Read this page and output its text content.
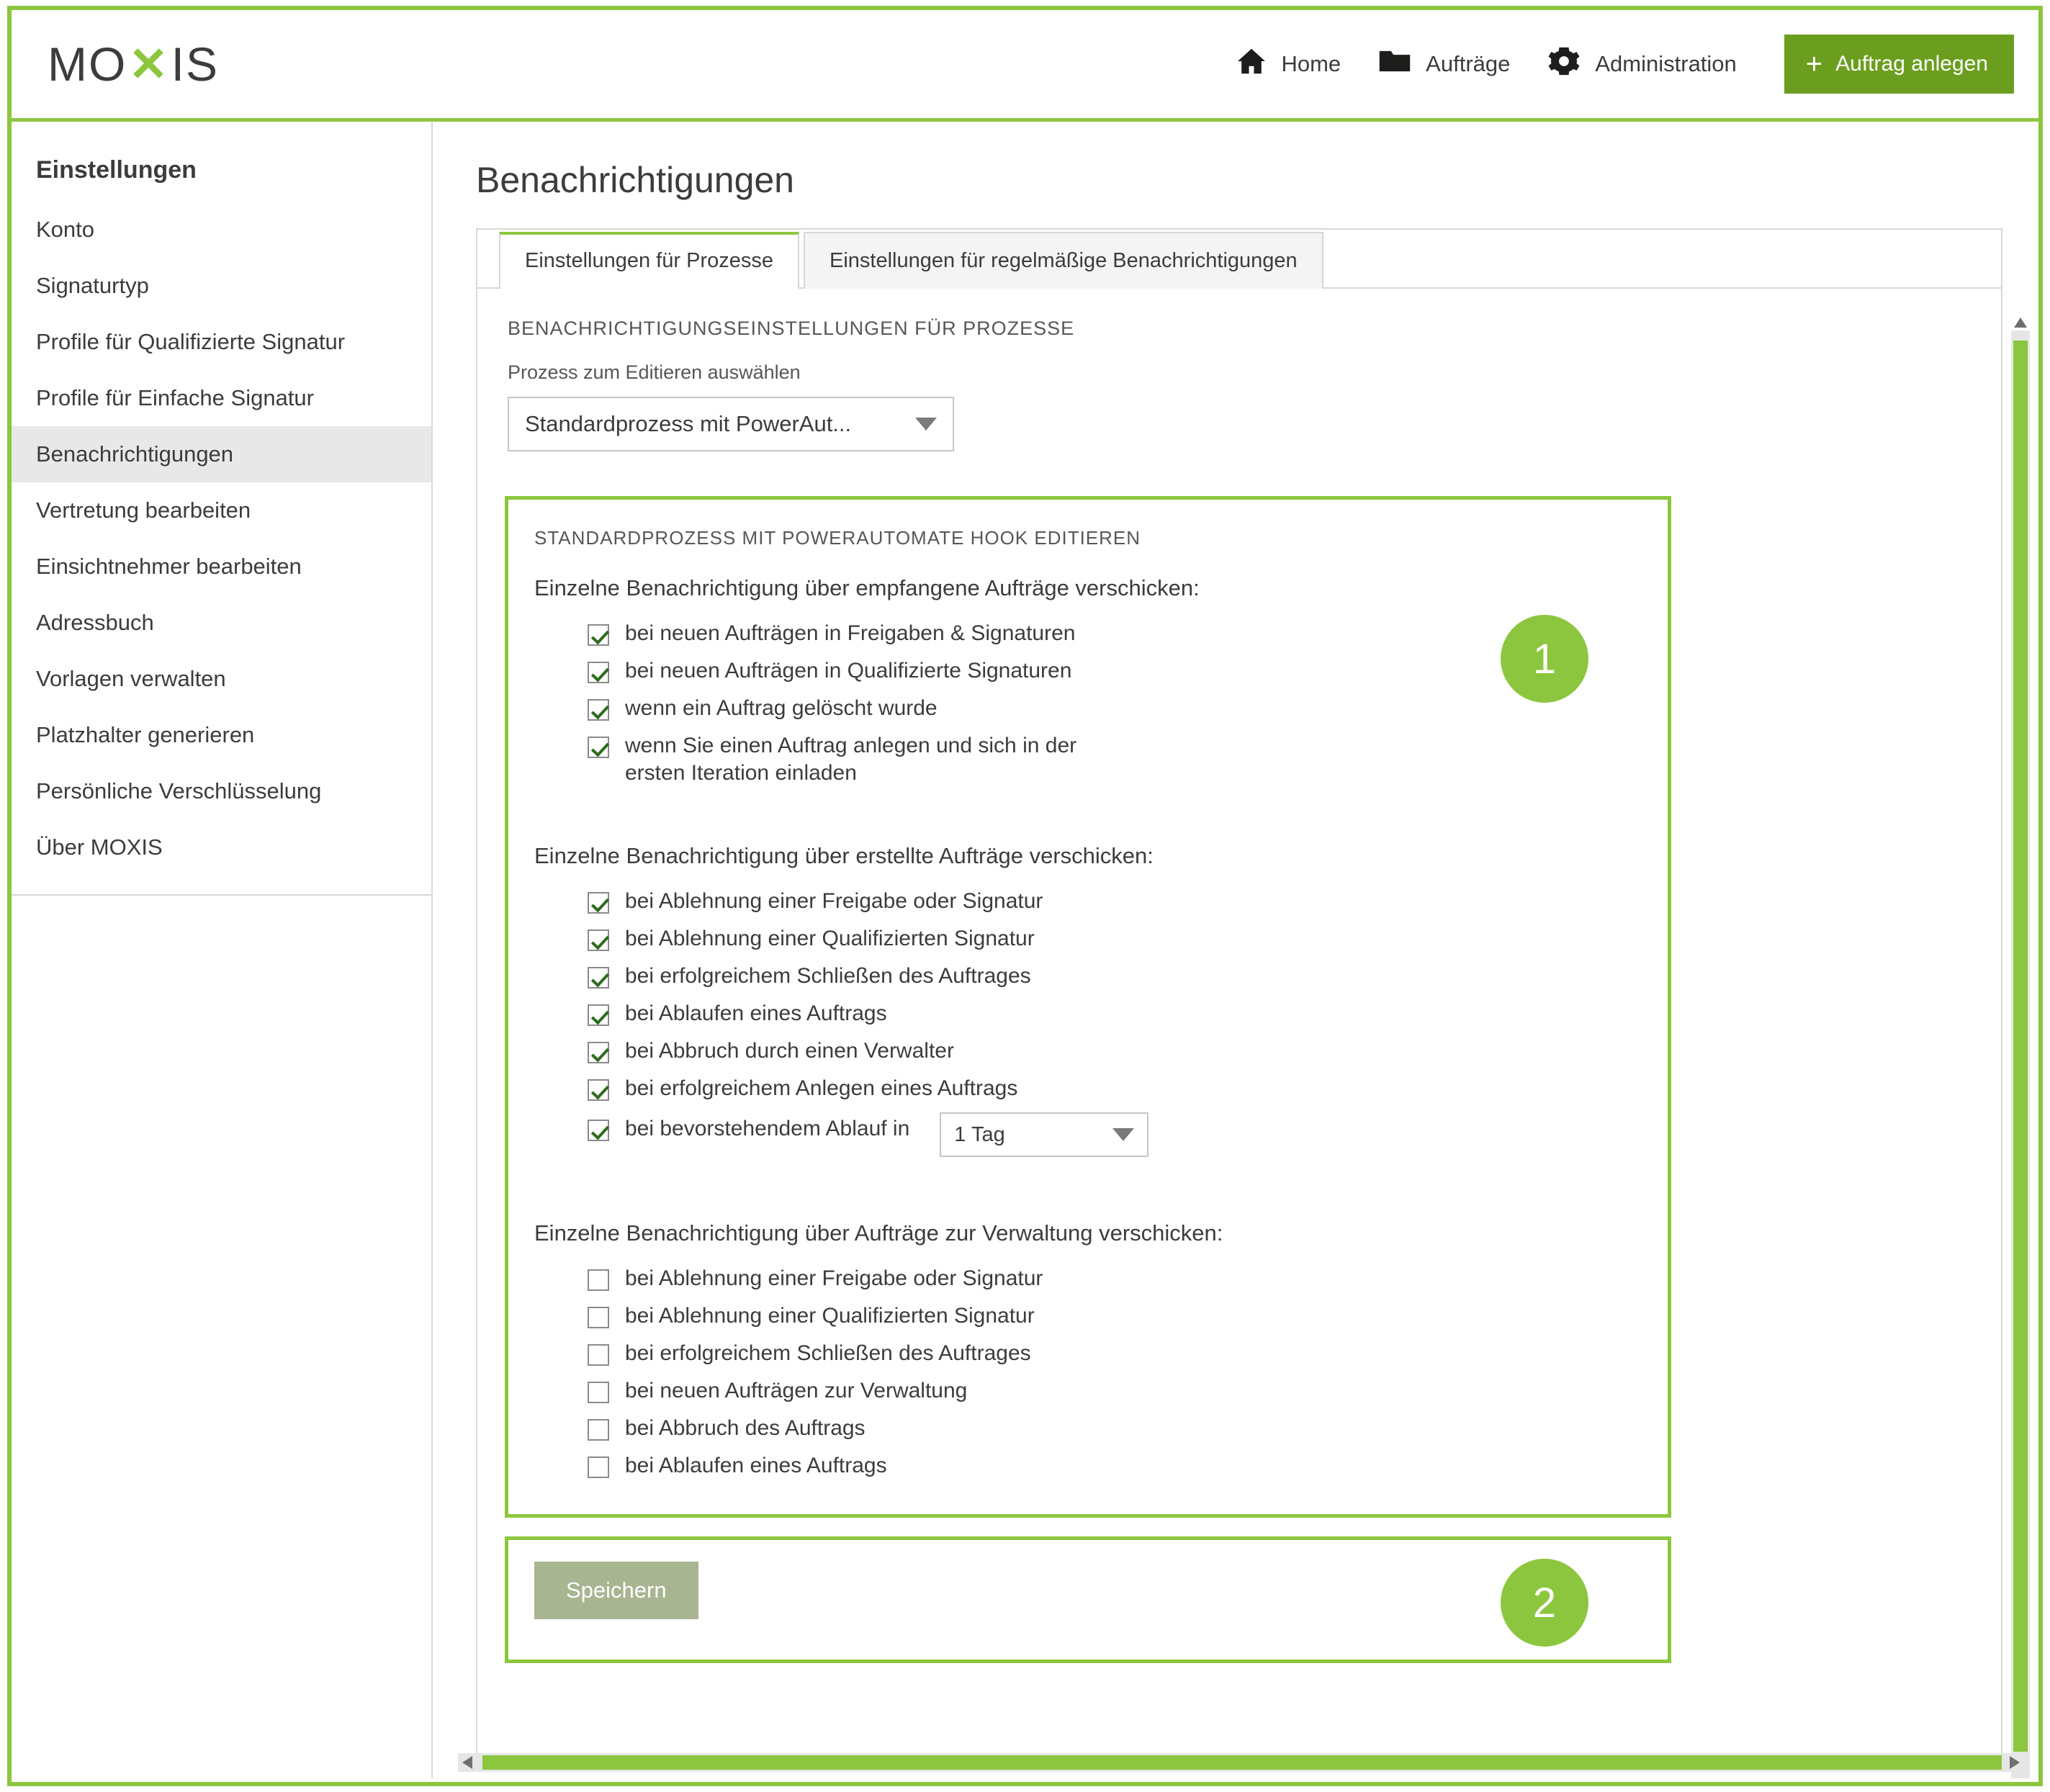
MO ✕ IS	Home	Aufträge	Administration + Auftrag anlegen
Einstellungen
Konto
Signaturtyp
Profile für Qualifizierte Signatur
Profile für Einfache Signatur
Benachrichtigungen
Vertretung bearbeiten
Einsichtnehmer bearbeiten
Adressbuch
Vorlagen verwalten
Platzhalter generieren
Persönliche Verschlüsselung
Über MOXIS
Benachrichtigungen
Einstellungen für Prozesse	Einstellungen für regelmäßige Benachrichtigungen
BENACHRICHTIGUNGSEINSTELLUNGEN FÜR PROZESSE
Prozess zum Editieren auswählen
Standardprozess mit PowerAut...
1
STANDARDPROZESS MIT POWERAUTOMATE HOOK EDITIEREN
Einzelne Benachrichtigung über empfangene Aufträge verschicken:
bei neuen Aufträgen in Freigaben & Signaturen
bei neuen Aufträgen in Qualifizierte Signaturen
wenn ein Auftrag gelöscht wurde
wenn Sie einen Auftrag anlegen und sich in der ersten Iteration einladen
Einzelne Benachrichtigung über erstellte Aufträge verschicken:
bei Ablehnung einer Freigabe oder Signatur
bei Ablehnung einer Qualifizierten Signatur
bei erfolgreichem Schließen des Auftrages
bei Ablaufen eines Auftrags
bei Abbruch durch einen Verwalter
bei erfolgreichem Anlegen eines Auftrags
bei bevorstehendem Ablauf in 1 Tag
Einzelne Benachrichtigung über Aufträge zur Verwaltung verschicken:
bei Ablehnung einer Freigabe oder Signatur
bei Ablehnung einer Qualifizierten Signatur
bei erfolgreichem Schließen des Auftrages
bei neuen Aufträgen zur Verwaltung
bei Abbruch des Auftrags
bei Ablaufen eines Auftrags
2
Speichern
